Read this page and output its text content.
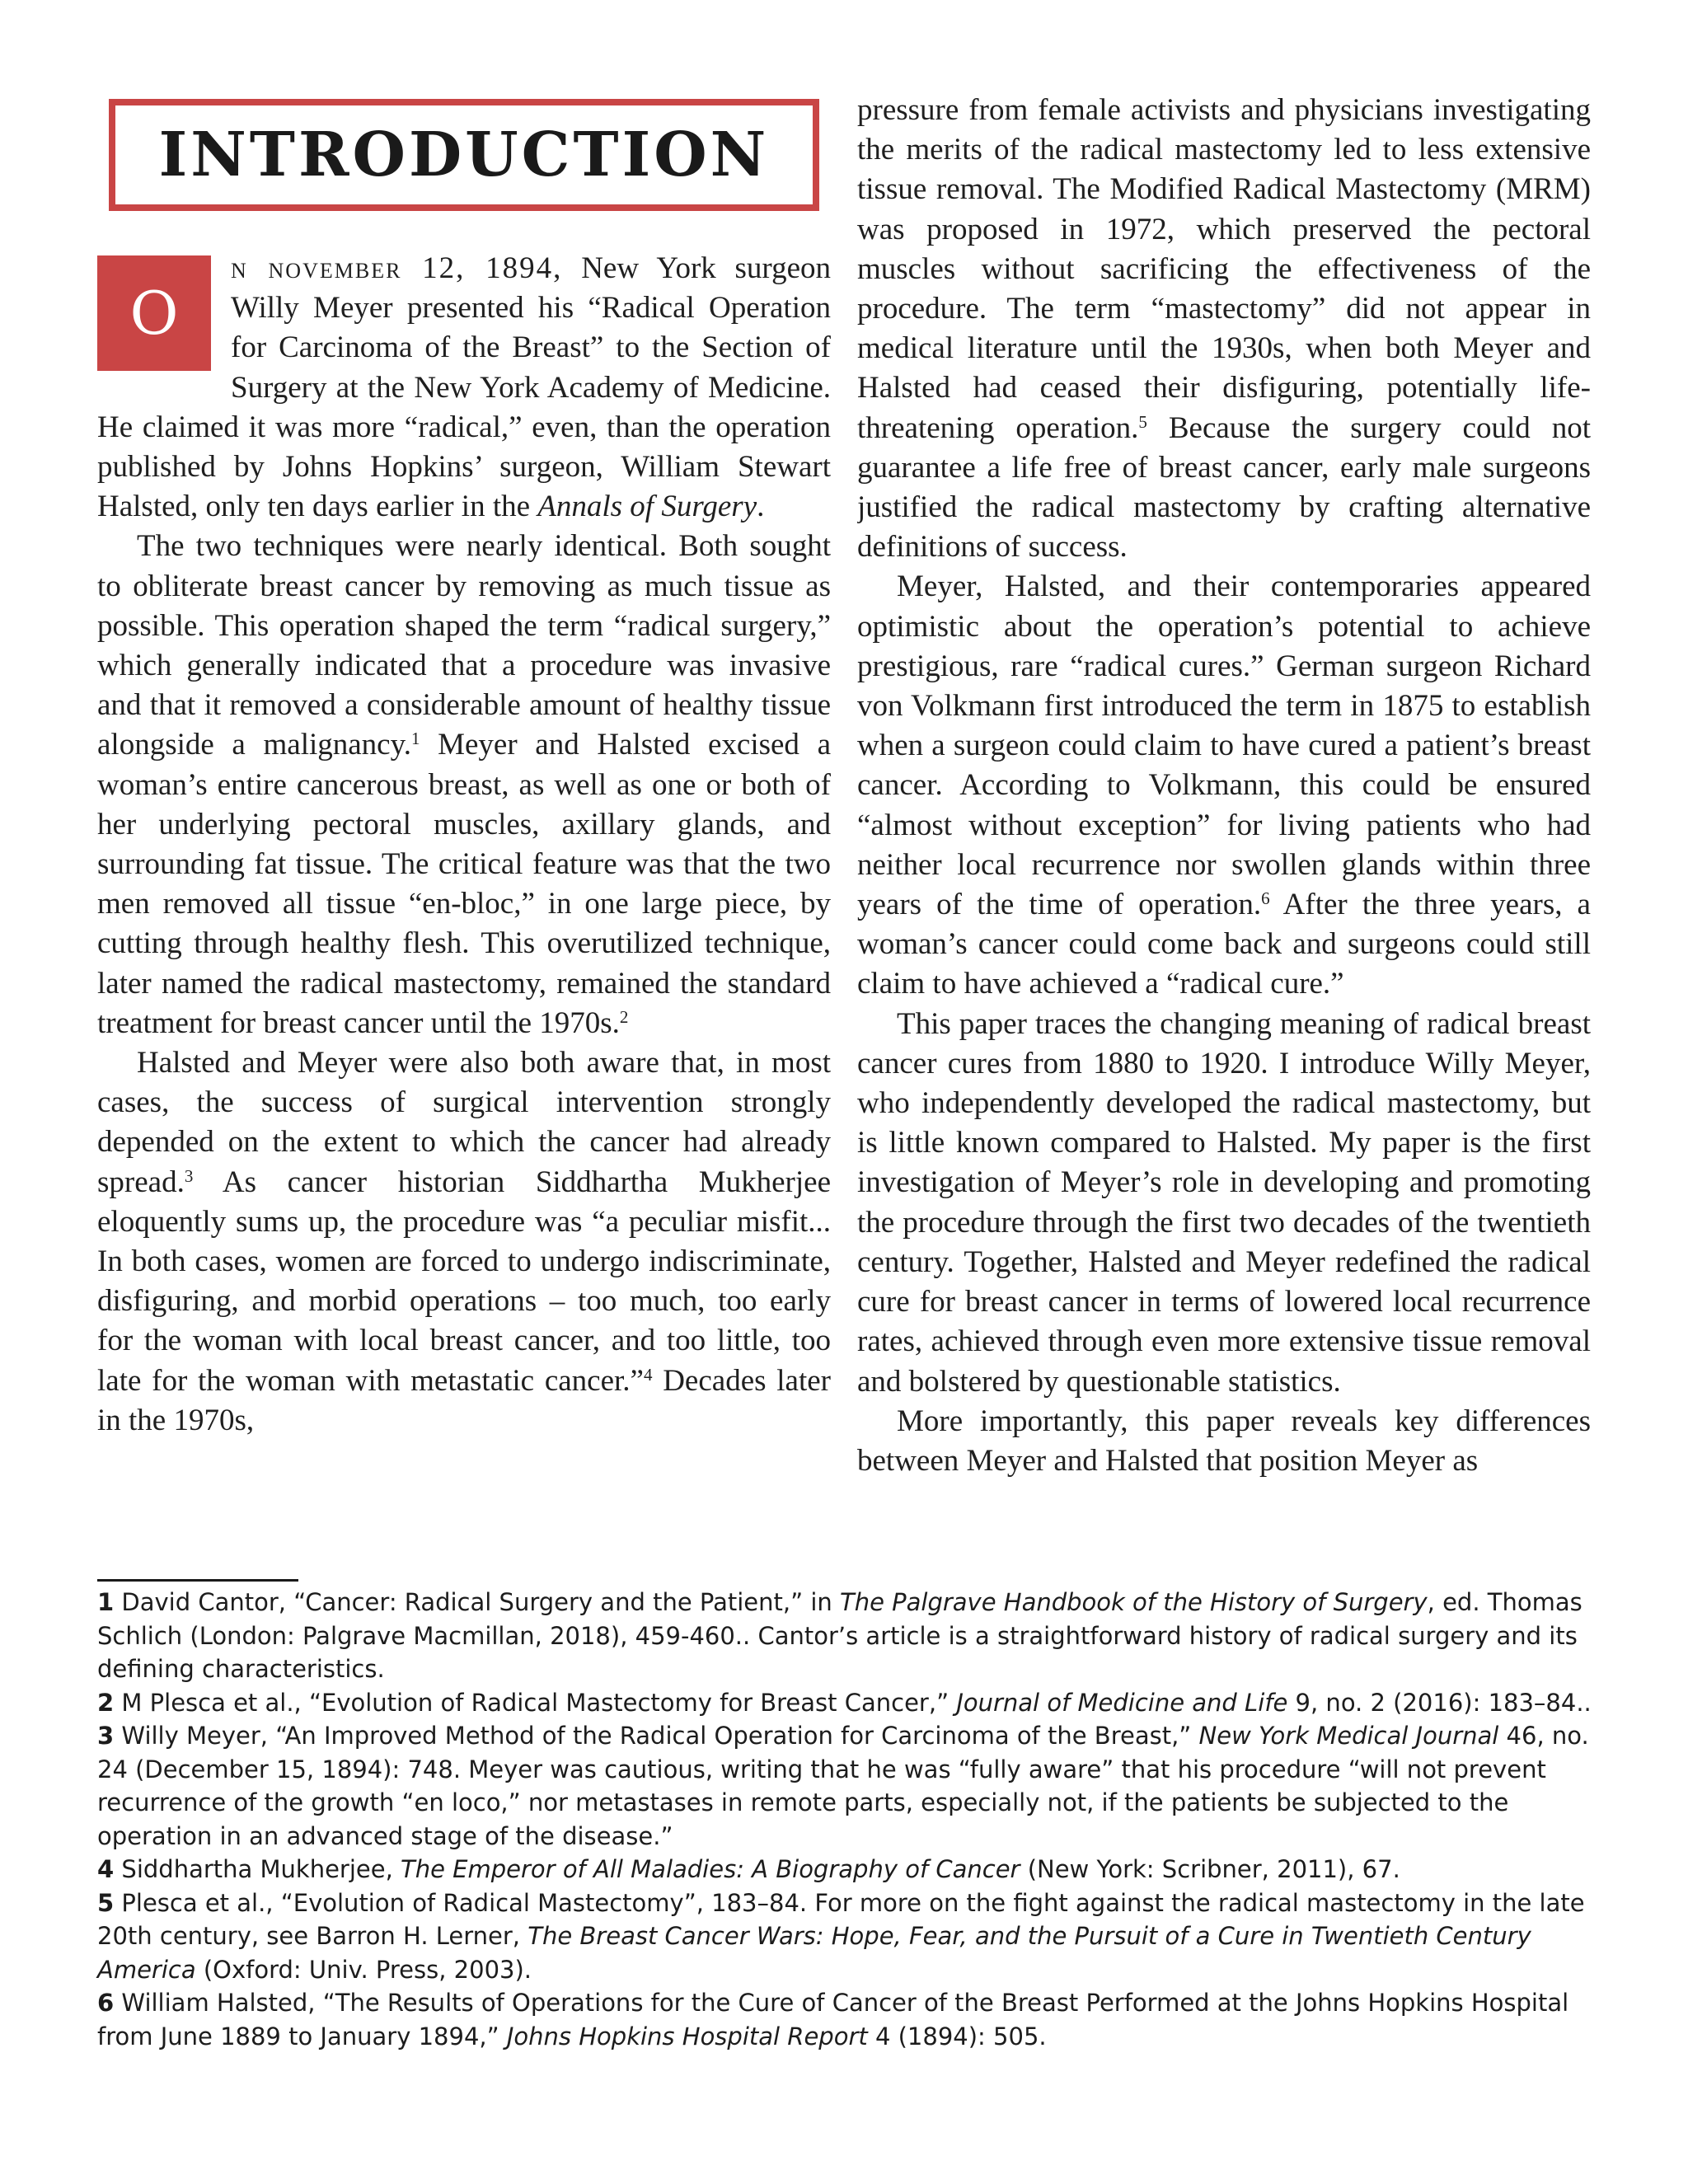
INTRODUCTION

O
n november 12, 1894, New York surgeon Willy Meyer presented his “Radical Operation for Carcinoma of the Breast” to the Section of Surgery at the New York Academy of Medicine. He claimed it was more “radical,” even, than the operation published by Johns Hopkins’ surgeon, William Stewart Halsted, only ten days earlier in the Annals of Surgery.

The two techniques were nearly identical. Both sought to obliterate breast cancer by removing as much tissue as possible. This operation shaped the term “radical surgery,” which generally indicated that a procedure was invasive and that it removed a considerable amount of healthy tissue alongside a malignancy.$^1$ Meyer and Halsted excised a woman’s entire cancerous breast, as well as one or both of her underlying pectoral muscles, axillary glands, and surrounding fat tissue. The critical feature was that the two men removed all tissue “en-bloc,” in one large piece, by cutting through healthy flesh. This overutilized technique, later named the radical mastectomy, remained the standard treatment for breast cancer until the 1970s.$^2$

Halsted and Meyer were also both aware that, in most cases, the success of surgical intervention strongly depended on the extent to which the cancer had already spread.$^3$ As cancer historian Siddhartha Mukherjee eloquently sums up, the procedure was “a peculiar misfit... In both cases, women are forced to undergo indiscriminate, disfiguring, and morbid operations – too much, too early for the woman with local breast cancer, and too little, too late for the woman with metastatic cancer.”$^4$ Decades later in the 1970s,

pressure from female activists and physicians investigating the merits of the radical mastectomy led to less extensive tissue removal. The Modified Radical Mastectomy (MRM) was proposed in 1972, which preserved the pectoral muscles without sacrificing the effectiveness of the procedure. The term “mastectomy” did not appear in medical literature until the 1930s, when both Meyer and Halsted had ceased their disfiguring, potentially life-threatening operation.$^5$ Because the surgery could not guarantee a life free of breast cancer, early male surgeons justified the radical mastectomy by crafting alternative definitions of success.

Meyer, Halsted, and their contemporaries appeared optimistic about the operation’s potential to achieve prestigious, rare “radical cures.” German surgeon Richard von Volkmann first introduced the term in 1875 to establish when a surgeon could claim to have cured a patient’s breast cancer. According to Volkmann, this could be ensured “almost without exception” for living patients who had neither local recurrence nor swollen glands within three years of the time of operation.$^6$ After the three years, a woman’s cancer could come back and surgeons could still claim to have achieved a “radical cure.”

This paper traces the changing meaning of radical breast cancer cures from 1880 to 1920. I introduce Willy Meyer, who independently developed the radical mastectomy, but is little known compared to Halsted. My paper is the first investigation of Meyer’s role in developing and promoting the procedure through the first two decades of the twentieth century. Together, Halsted and Meyer redefined the radical cure for breast cancer in terms of lowered local recurrence rates, achieved through even more extensive tissue removal and bolstered by questionable statistics.

More importantly, this paper reveals key differences between Meyer and Halsted that position Meyer as

1 David Cantor, “Cancer: Radical Surgery and the Patient,” in The Palgrave Handbook of the History of Surgery, ed. Thomas Schlich (London: Palgrave Macmillan, 2018), 459-460.. Cantor’s article is a straightforward history of radical surgery and its defining characteristics.

2 M Plesca et al., “Evolution of Radical Mastectomy for Breast Cancer,” Journal of Medicine and Life 9, no. 2 (2016): 183–84..

3 Willy Meyer, “An Improved Method of the Radical Operation for Carcinoma of the Breast,” New York Medical Journal 46, no. 24 (December 15, 1894): 748. Meyer was cautious, writing that he was “fully aware” that his procedure “will not prevent recurrence of the growth “en loco,” nor metastases in remote parts, especially not, if the patients be subjected to the operation in an advanced stage of the disease.”

4 Siddhartha Mukherjee, The Emperor of All Maladies: A Biography of Cancer (New York: Scribner, 2011), 67.

5 Plesca et al., “Evolution of Radical Mastectomy”, 183–84. For more on the fight against the radical mastectomy in the late 20th century, see Barron H. Lerner, The Breast Cancer Wars: Hope, Fear, and the Pursuit of a Cure in Twentieth Century America (Oxford: Univ. Press, 2003).

6 William Halsted, “The Results of Operations for the Cure of Cancer of the Breast Performed at the Johns Hopkins Hospital from June 1889 to January 1894,” Johns Hopkins Hospital Report 4 (1894): 505.
